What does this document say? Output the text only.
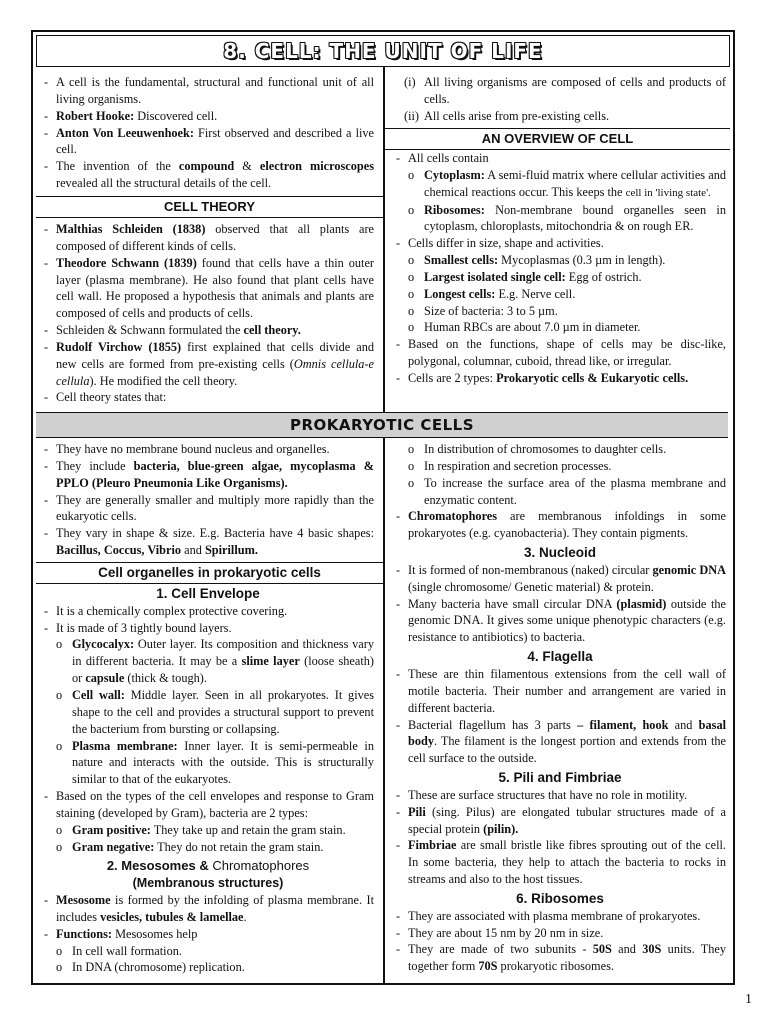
8. CELL: THE UNIT OF LIFE

- A cell is the fundamental, structural and functional unit of all living organisms.

- Robert Hooke: Discovered cell.

- Anton Von Leeuwenhoek: First observed and described a live cell.

- The invention of the compound & electron microscopes revealed all the structural details of the cell.

CELL THEORY

- Malthias Schleiden (1838) observed that all plants are composed of different kinds of cells.

- Theodore Schwann (1839) found that cells have a thin outer layer (plasma membrane). He also found that plant cells have cell wall. He proposed a hypothesis that animals and plants are composed of cells and products of cells.

- Schleiden & Schwann formulated the cell theory.

- Rudolf Virchow (1855) first explained that cells divide and new cells are formed from pre-existing cells (Omnis cellula-e cellula). He modified the cell theory.

- Cell theory states that:

(i) All living organisms are composed of cells and products of cells.

(ii) All cells arise from pre-existing cells.

AN OVERVIEW OF CELL

- All cells contain

o Cytoplasm: A semi-fluid matrix where cellular activities and chemical reactions occur. This keeps the cell in 'living state'.

o Ribosomes: Non-membrane bound organelles seen in cytoplasm, chloroplasts, mitochondria & on rough ER.

- Cells differ in size, shape and activities.

o Smallest cells: Mycoplasmas (0.3 µm in length).

o Largest isolated single cell: Egg of ostrich.

o Longest cells: E.g. Nerve cell.

o Size of bacteria: 3 to 5 µm.

o Human RBCs are about 7.0 µm in diameter.

- Based on the functions, shape of cells may be disc-like, polygonal, columnar, cuboid, thread like, or irregular.

- Cells are 2 types: Prokaryotic cells & Eukaryotic cells.

PROKARYOTIC CELLS

- They have no membrane bound nucleus and organelles.

- They include bacteria, blue-green algae, mycoplasma & PPLO (Pleuro Pneumonia Like Organisms).

- They are generally smaller and multiply more rapidly than the eukaryotic cells.

- They vary in shape & size. E.g. Bacteria have 4 basic shapes: Bacillus, Coccus, Vibrio and Spirillum.

Cell organelles in prokaryotic cells
1. Cell Envelope

- It is a chemically complex protective covering.

- It is made of 3 tightly bound layers.

o Glycocalyx: Outer layer. Its composition and thickness vary in different bacteria. It may be a slime layer (loose sheath) or capsule (thick & tough).

o Cell wall: Middle layer. Seen in all prokaryotes. It gives shape to the cell and provides a structural support to prevent the bacterium from bursting or collapsing.

o Plasma membrane: Inner layer. It is semi-permeable in nature and interacts with the outside. This is structurally similar to that of the eukaryotes.

- Based on the types of the cell envelopes and response to Gram staining (developed by Gram), bacteria are 2 types:

o Gram positive: They take up and retain the gram stain.

o Gram negative: They do not retain the gram stain.

2. Mesosomes & Chromatophores
(Membranous structures)

- Mesosome is formed by the infolding of plasma membrane. It includes vesicles, tubules & lamellae.

- Functions: Mesosomes help

o In cell wall formation.

o In DNA (chromosome) replication.

o In distribution of chromosomes to daughter cells.

o In respiration and secretion processes.

o To increase the surface area of the plasma membrane and enzymatic content.

- Chromatophores are membranous infoldings in some prokaryotes (e.g. cyanobacteria). They contain pigments.

3. Nucleoid

- It is formed of non-membranous (naked) circular genomic DNA (single chromosome/ Genetic material) & protein.

- Many bacteria have small circular DNA (plasmid) outside the genomic DNA. It gives some unique phenotypic characters (e.g. resistance to antibiotics) to bacteria.

4. Flagella

- These are thin filamentous extensions from the cell wall of motile bacteria. Their number and arrangement are varied in different bacteria.

- Bacterial flagellum has 3 parts – filament, hook and basal body. The filament is the longest portion and extends from the cell surface to the outside.

5. Pili and Fimbriae

- These are surface structures that have no role in motility.

- Pili (sing. Pilus) are elongated tubular structures made of a special protein (pilin).

- Fimbriae are small bristle like fibres sprouting out of the cell. In some bacteria, they help to attach the bacteria to rocks in streams and also to the host tissues.

6. Ribosomes

- They are associated with plasma membrane of prokaryotes.

- They are about 15 nm by 20 nm in size.

- They are made of two subunits - 50S and 30S units. They together form 70S prokaryotic ribosomes.

1
